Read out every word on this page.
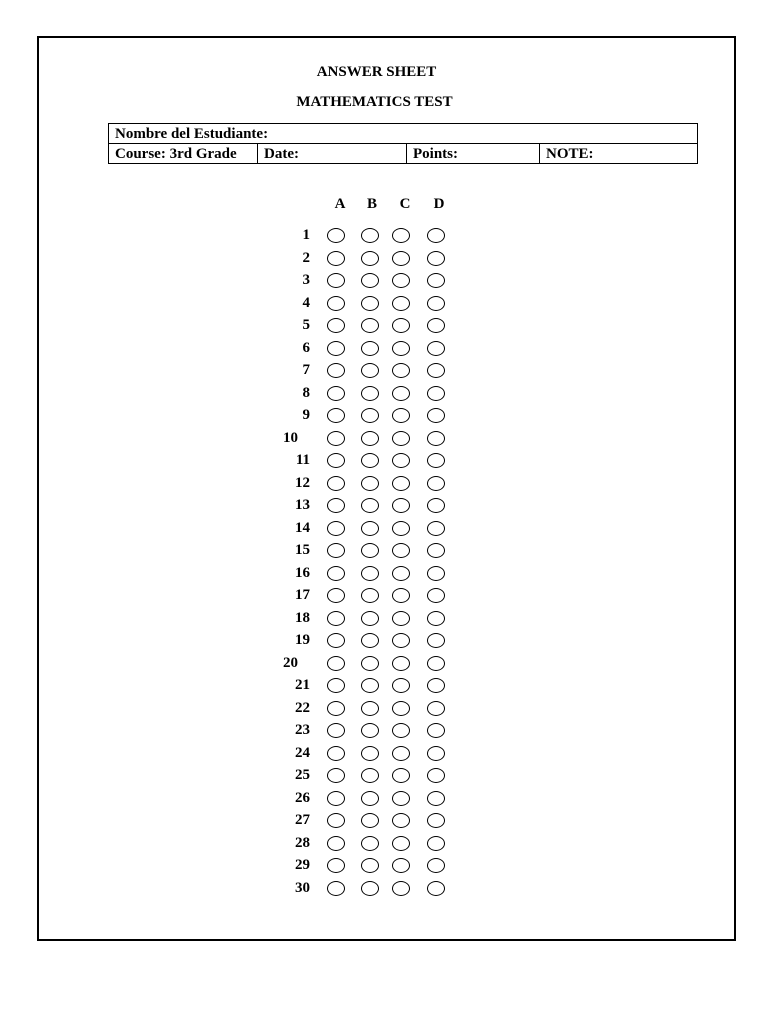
ANSWER SHEET
MATHEMATICS TEST
Nombre del Estudiante:
Course: 3rd Grade	Date:	Points:	NOTE:
A	B	C	D
1
2
3
4
5
6
7
8
9
10
11
12
13
14
15
16
17
18
19
20
21
22
23
24
25
26
27
28
29
30
